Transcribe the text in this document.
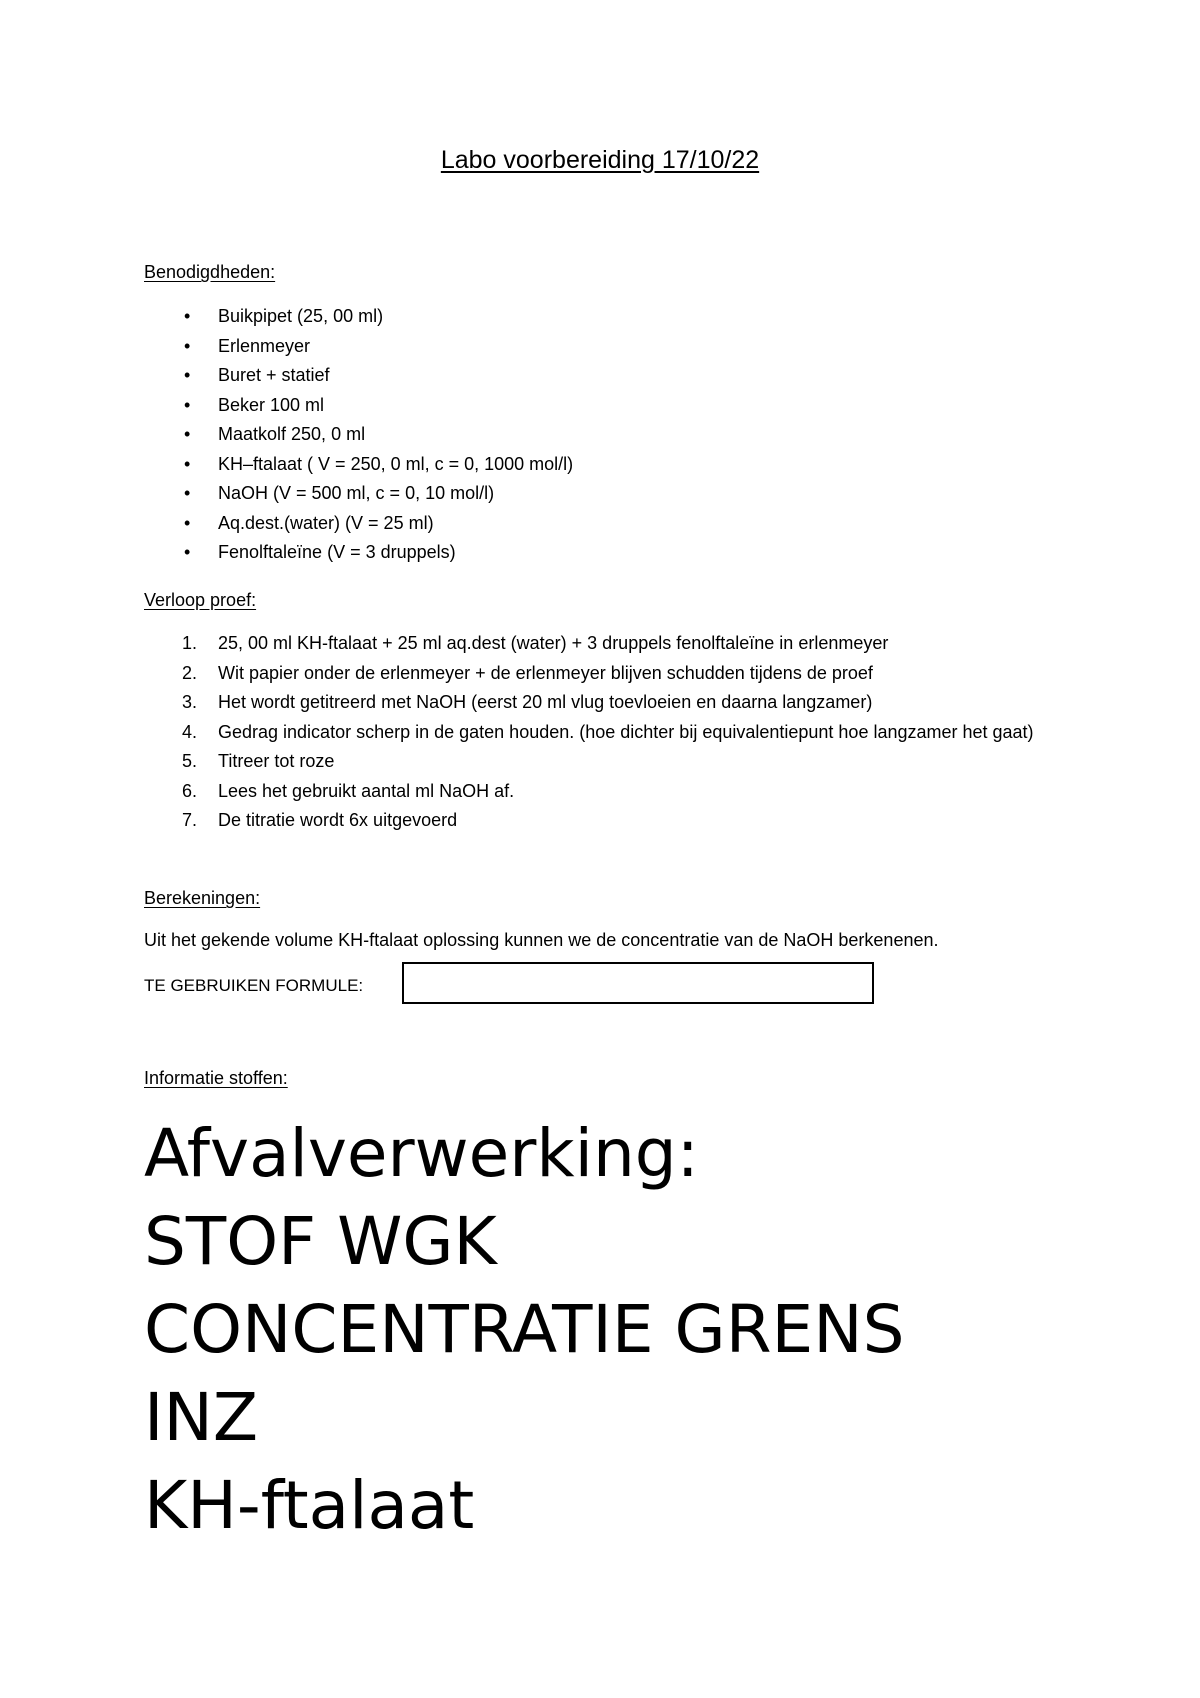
Labo voorbereiding 17/10/22
Benodigdheden:
• Buikpipet (25, 00 ml)
• Erlenmeyer
• Buret + statief
• Beker 100 ml
• Maatkolf 250, 0 ml
• KH–ftalaat ( V = 250, 0 ml, c = 0, 1000 mol/l)
• NaOH (V = 500 ml, c = 0, 10 mol/l)
• Aq.dest.(water) (V = 25 ml)
• Fenolftaleïne (V = 3 druppels)
Verloop proef:
1. 25, 00 ml KH-ftalaat + 25 ml aq.dest (water) + 3 druppels fenolftaleïne in erlenmeyer
2. Wit papier onder de erlenmeyer + de erlenmeyer blijven schudden tijdens de proef
3. Het wordt getitreerd met NaOH (eerst 20 ml vlug toevloeien en daarna langzamer)
4. Gedrag indicator scherp in de gaten houden. (hoe dichter bij equivalentiepunt hoe langzamer het gaat)
5. Titreer tot roze
6. Lees het gebruikt aantal ml NaOH af.
7. De titratie wordt 6x uitgevoerd
Berekeningen:
Uit het gekende volume KH-ftalaat oplossing kunnen we de concentratie van de NaOH berkenenen.
TE GEBRUIKEN FORMULE:
Informatie stoffen:
Afvalverwerking:
STOF WGK
CONCENTRATIE GRENS
INZ
KH-ftalaat
